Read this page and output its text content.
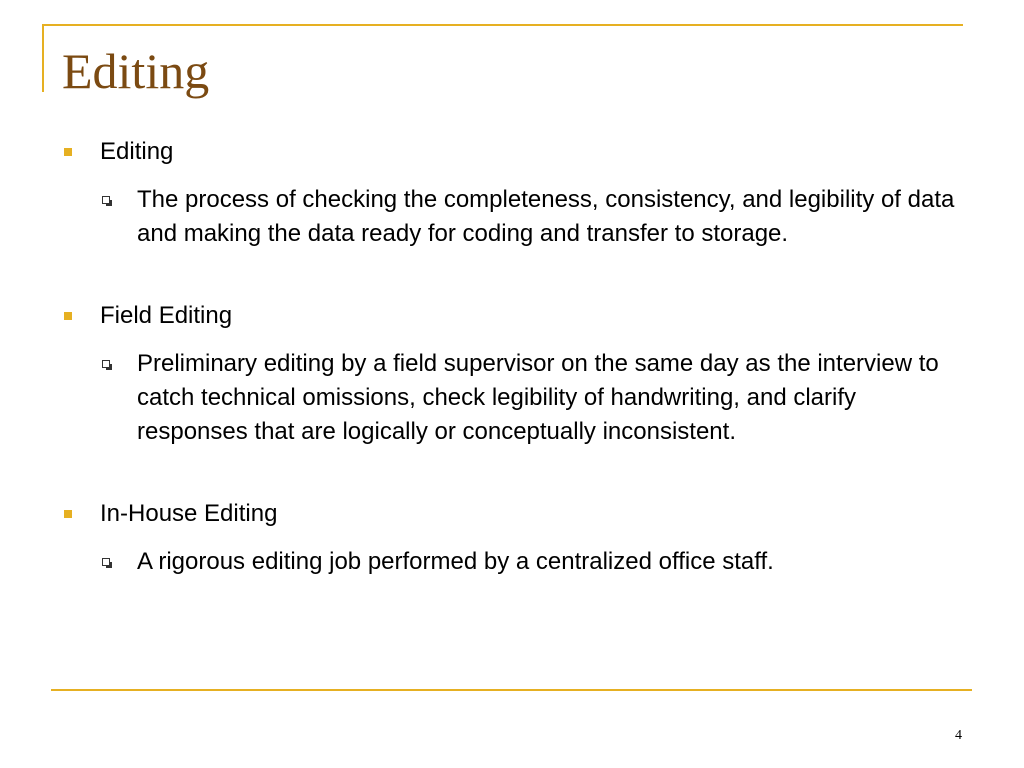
Editing
Editing
The process of checking the completeness, consistency, and legibility of data and making the data ready for coding and transfer to storage.
Field Editing
Preliminary editing by a field supervisor on the same day as the interview to catch technical omissions, check legibility of handwriting, and clarify responses that are logically or conceptually inconsistent.
In-House Editing
A rigorous editing job performed by a centralized office staff.
4
